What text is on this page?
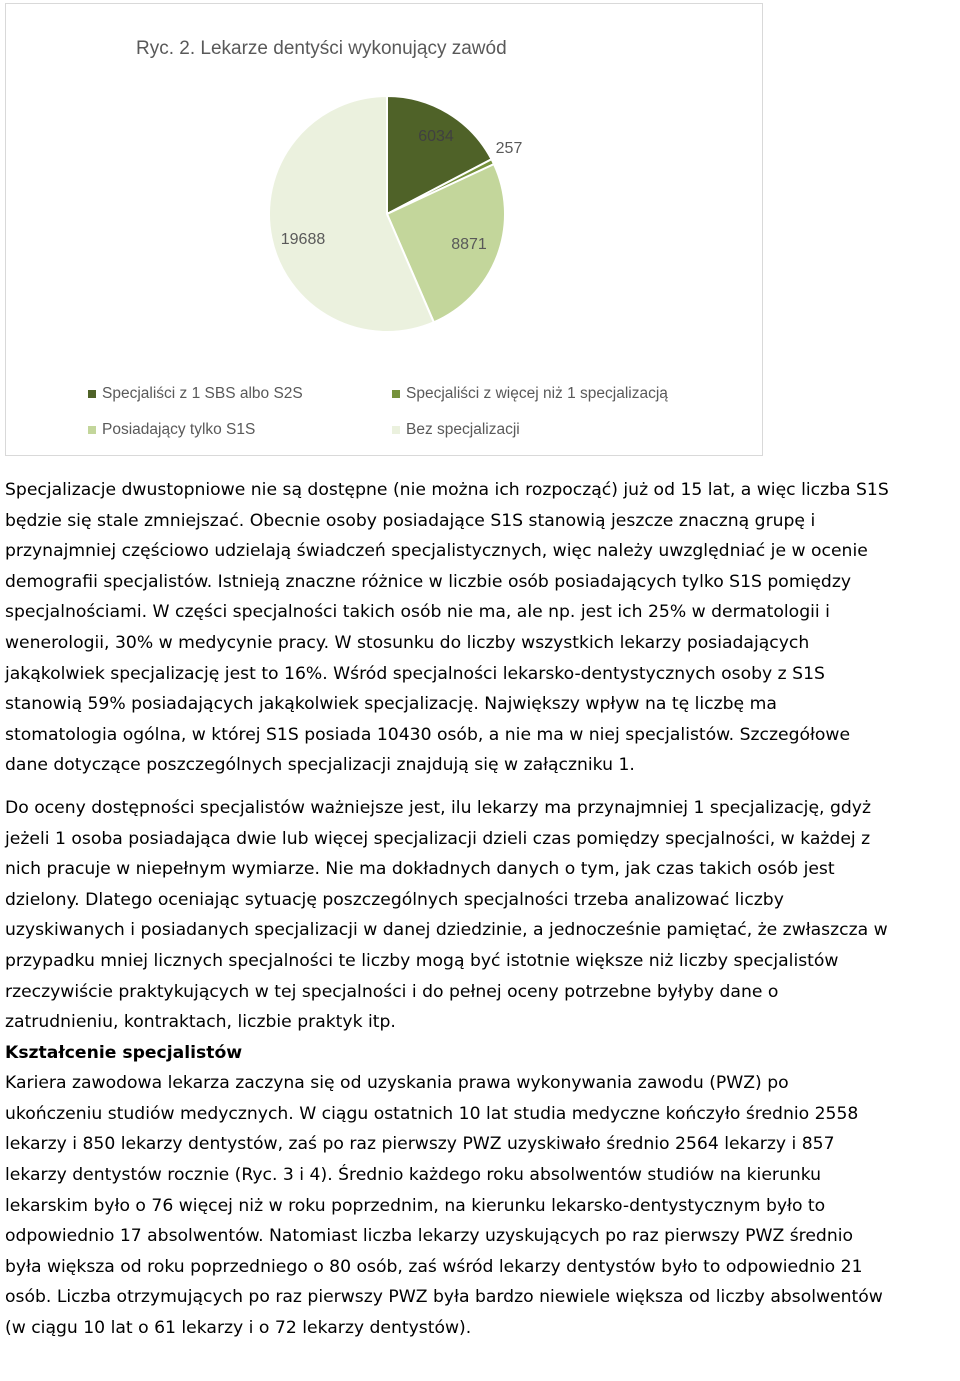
Ryc. 2. Lekarze dentyści wykonujący zawód
6034
257
8871
19688
Specjaliści z 1 SBS albo S2S	Specjaliści z więcej niż 1 specjalizacją
Posiadający tylko S1S	Bez specjalizacji

Specjalizacje dwustopniowe nie są dostępne (nie można ich rozpocząć) już od 15 lat, a więc liczba S1S
będzie się stale zmniejszać. Obecnie osoby posiadające S1S stanowią jeszcze znaczną grupę i
przynajmniej częściowo udzielają świadczeń specjalistycznych, więc należy uwzględniać je w ocenie
demografii specjalistów. Istnieją znaczne różnice w liczbie osób posiadających tylko S1S pomiędzy
specjalnościami. W części specjalności takich osób nie ma, ale np. jest ich 25% w dermatologii i
wenerologii, 30% w medycynie pracy. W stosunku do liczby wszystkich lekarzy posiadających
jakąkolwiek specjalizację jest to 16%. Wśród specjalności lekarsko-dentystycznych osoby z S1S
stanowią 59% posiadających jakąkolwiek specjalizację. Największy wpływ na tę liczbę ma
stomatologia ogólna, w której S1S posiada 10430 osób, a nie ma w niej specjalistów. Szczegółowe
dane dotyczące poszczególnych specjalizacji znajdują się w załączniku 1.

Do oceny dostępności specjalistów ważniejsze jest, ilu lekarzy ma przynajmniej 1 specjalizację, gdyż
jeżeli 1 osoba posiadająca dwie lub więcej specjalizacji dzieli czas pomiędzy specjalności, w każdej z
nich pracuje w niepełnym wymiarze. Nie ma dokładnych danych o tym, jak czas takich osób jest
dzielony. Dlatego oceniając sytuację poszczególnych specjalności trzeba analizować liczby
uzyskiwanych i posiadanych specjalizacji w danej dziedzinie, a jednocześnie pamiętać, że zwłaszcza w
przypadku mniej licznych specjalności te liczby mogą być istotnie większe niż liczby specjalistów
rzeczywiście praktykujących w tej specjalności i do pełnej oceny potrzebne byłyby dane o
zatrudnieniu, kontraktach, liczbie praktyk itp.

Kształcenie specjalistów

Kariera zawodowa lekarza zaczyna się od uzyskania prawa wykonywania zawodu (PWZ) po
ukończeniu studiów medycznych. W ciągu ostatnich 10 lat studia medyczne kończyło średnio 2558
lekarzy i 850 lekarzy dentystów, zaś po raz pierwszy PWZ uzyskiwało średnio 2564 lekarzy i 857
lekarzy dentystów rocznie (Ryc. 3 i 4). Średnio każdego roku absolwentów studiów na kierunku
lekarskim było o 76 więcej niż w roku poprzednim, na kierunku lekarsko-dentystycznym było to
odpowiednio 17 absolwentów. Natomiast liczba lekarzy uzyskujących po raz pierwszy PWZ średnio
była większa od roku poprzedniego o 80 osób, zaś wśród lekarzy dentystów było to odpowiednio 21
osób. Liczba otrzymujących po raz pierwszy PWZ była bardzo niewiele większa od liczby absolwentów
(w ciągu 10 lat o 61 lekarzy i o 72 lekarzy dentystów).
